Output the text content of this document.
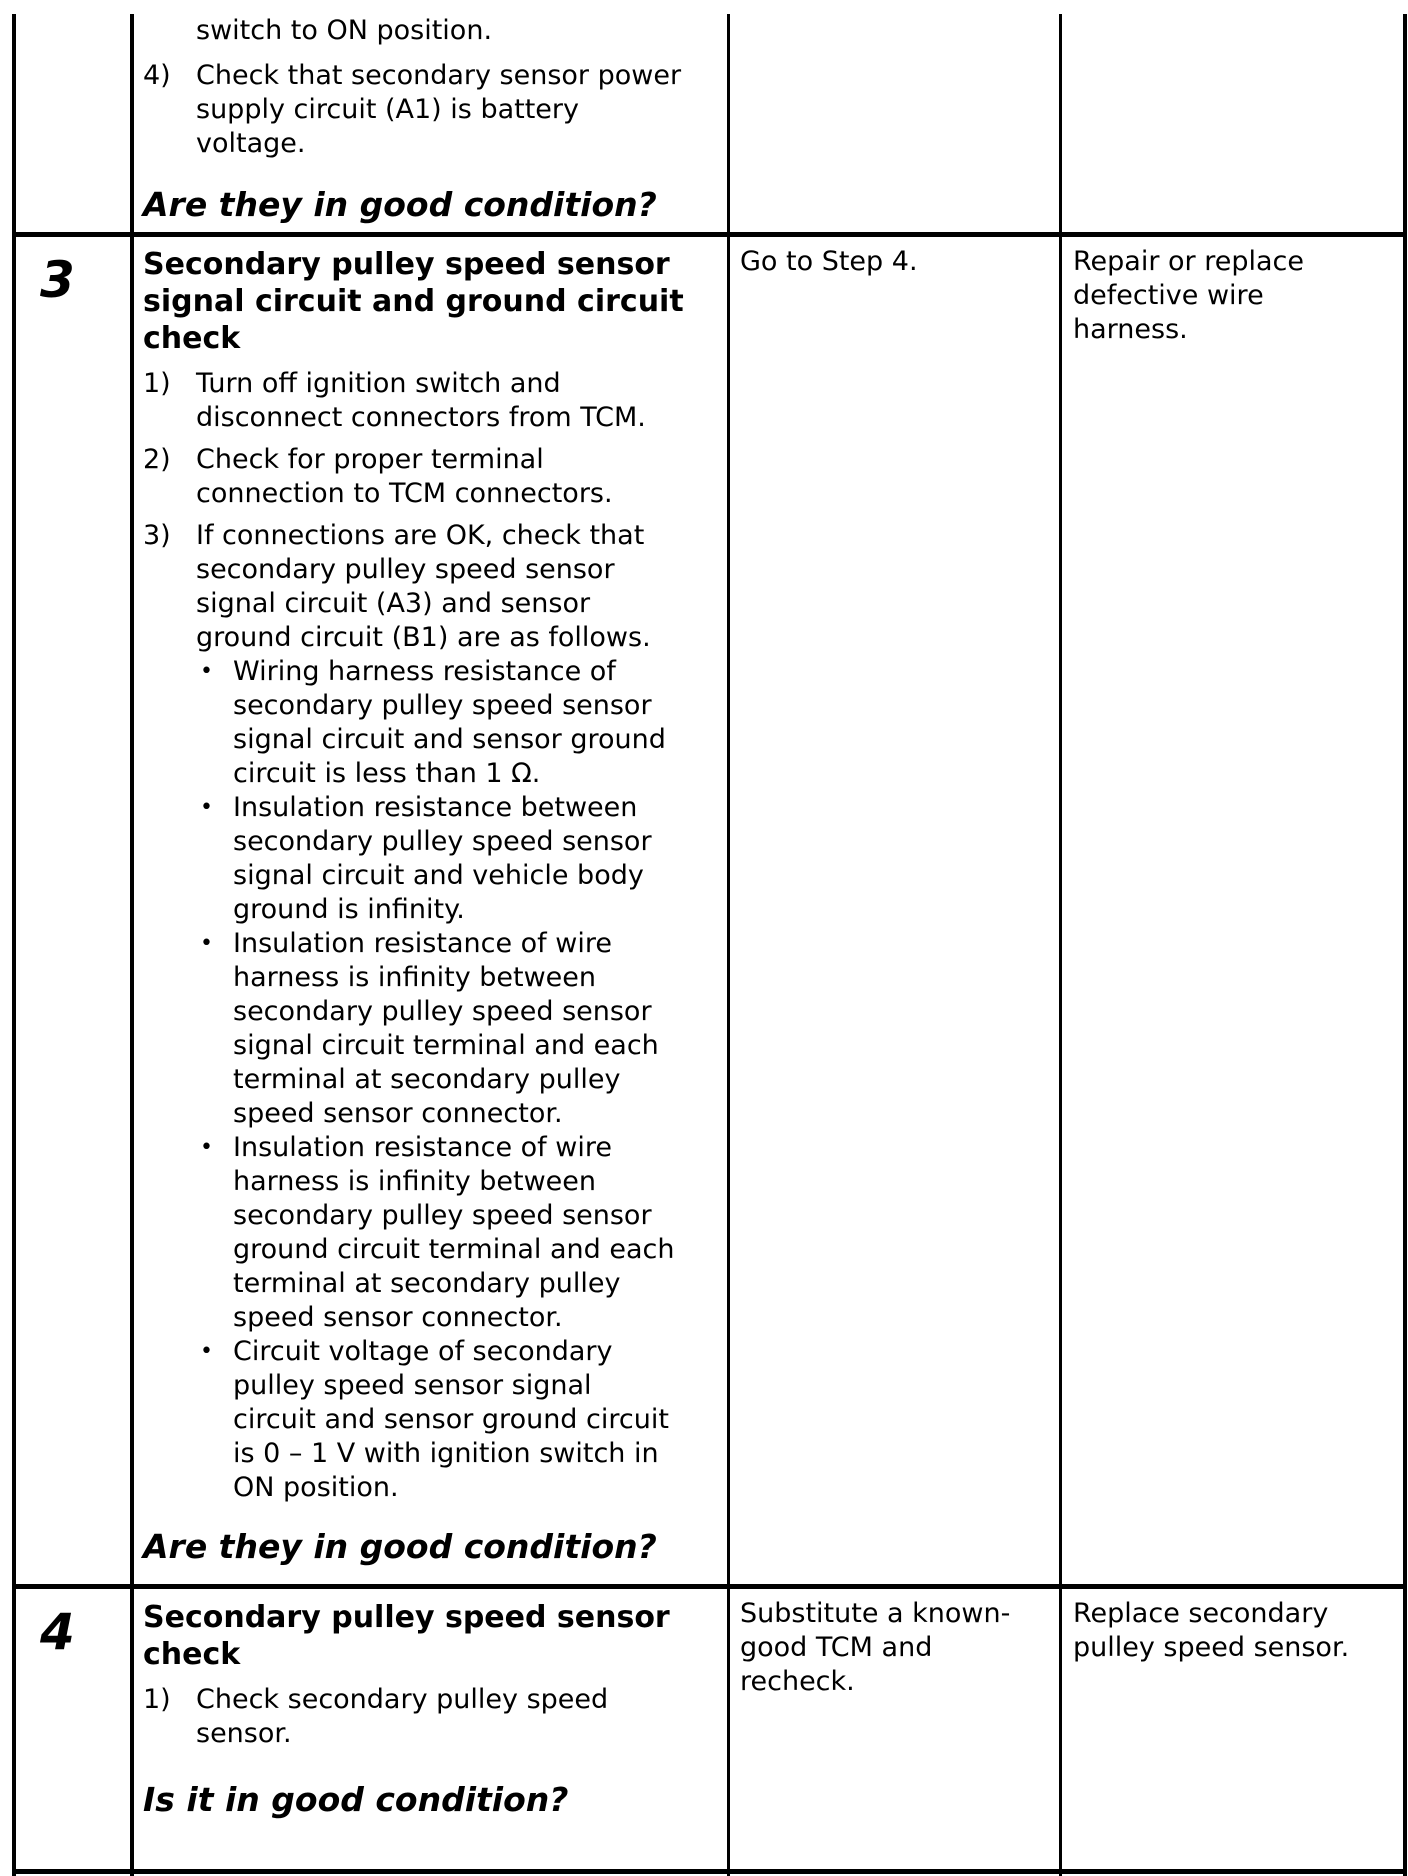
switch to ON position.
4) Check that secondary sensor power
supply circuit (A1) is battery
voltage.
Are they in good condition?
3 Secondary pulley speed sensor signal circuit and ground circuit check
1) Turn off ignition switch and
disconnect connectors from TCM.
2) Check for proper terminal
connection to TCM connectors.
3) If connections are OK, check that
secondary pulley speed sensor
signal circuit (A3) and sensor
ground circuit (B1) are as follows.
• Wiring harness resistance of
secondary pulley speed sensor
signal circuit and sensor ground
circuit is less than 1 Ω.
• Insulation resistance between
secondary pulley speed sensor
signal circuit and vehicle body
ground is infinity.
• Insulation resistance of wire
harness is infinity between
secondary pulley speed sensor
signal circuit terminal and each
terminal at secondary pulley
speed sensor connector.
• Insulation resistance of wire
harness is infinity between
secondary pulley speed sensor
ground circuit terminal and each
terminal at secondary pulley
speed sensor connector.
• Circuit voltage of secondary
pulley speed sensor signal
circuit and sensor ground circuit
is 0 – 1 V with ignition switch in
ON position.
Are they in good condition?
Go to Step 4.	Repair or replace
defective wire
harness.
4 Secondary pulley speed sensor check
1) Check secondary pulley speed
sensor.
Is it in good condition?
Substitute a known-
good TCM and
recheck.
Replace secondary
pulley speed sensor.
